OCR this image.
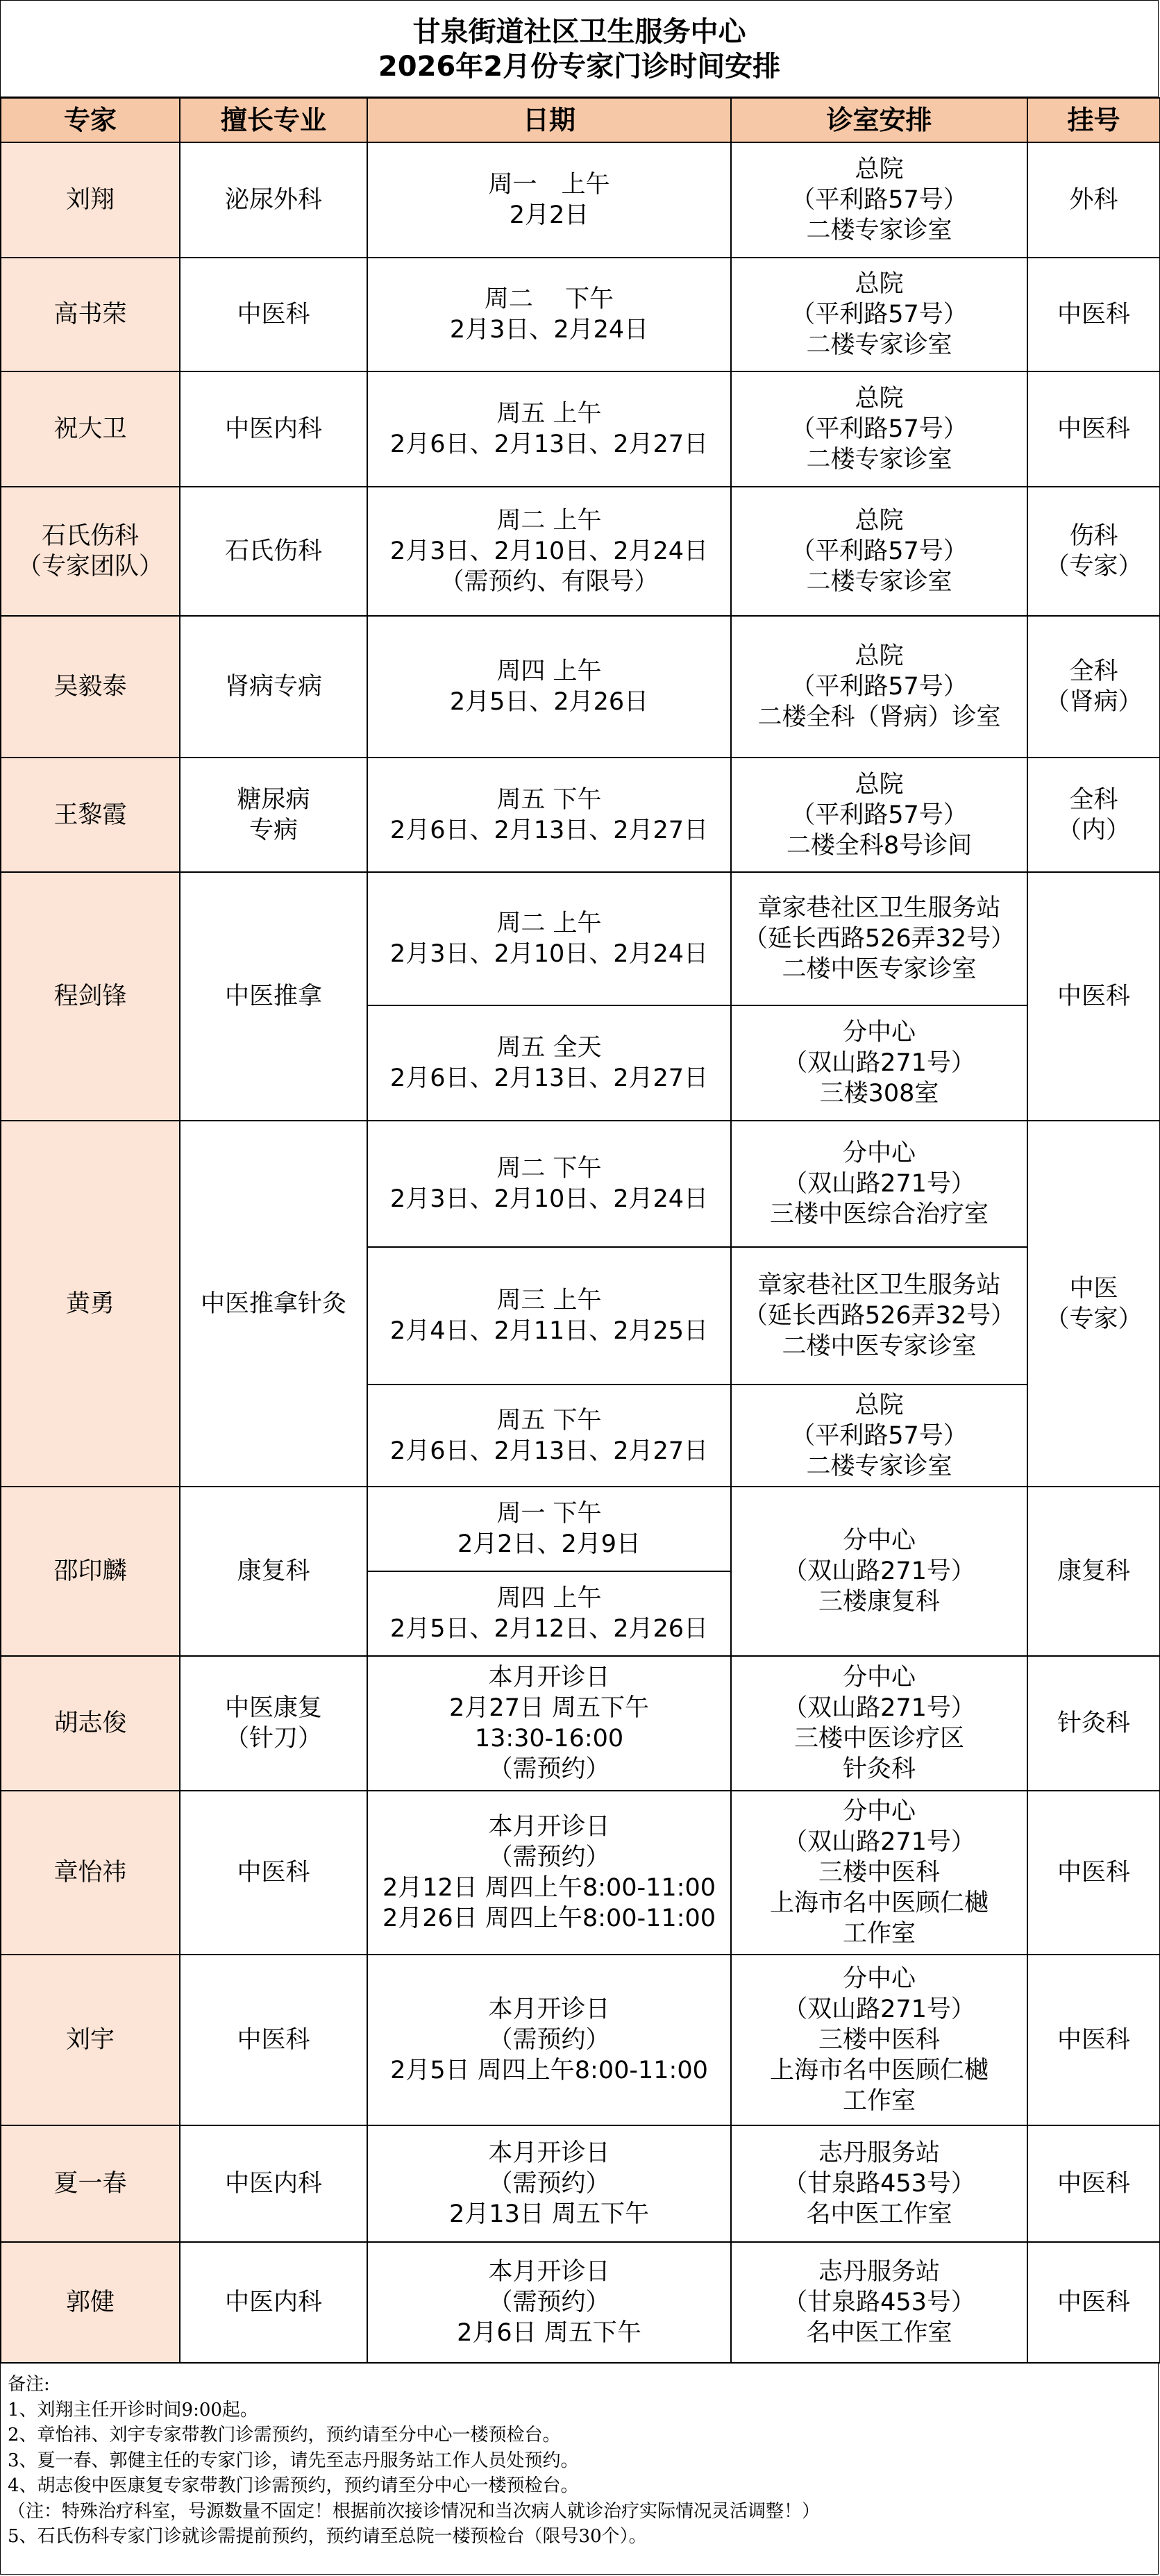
甘泉街道社区卫生服务中心
2026年2月份专家门诊时间安排
专家	擅长专业	日期	诊室安排	挂号
刘翔	泌尿外科	周一　上午
2月2日	总院
（平利路57号）
二楼专家诊室	外科
高书荣	中医科	周二　 下午
2月3日、2月24日	总院
（平利路57号）
二楼专家诊室	中医科
祝大卫	中医内科	周五 上午
2月6日、2月13日、2月27日	总院
（平利路57号）
二楼专家诊室	中医科
石氏伤科
（专家团队）	石氏伤科	周二 上午
2月3日、2月10日、2月24日
（需预约、有限号）	总院
（平利路57号）
二楼专家诊室	伤科
（专家）
吴毅泰	肾病专病	周四 上午
2月5日、2月26日	总院
（平利路57号）
二楼全科（肾病）诊室	全科
（肾病）
王黎霞	糖尿病
专病	周五 下午
2月6日、2月13日、2月27日	总院
（平利路57号）
二楼全科8号诊间	全科
（内）
程剑锋	中医推拿	周二 上午
2月3日、2月10日、2月24日	章家巷社区卫生服务站
（延长西路526弄32号）
二楼中医专家诊室	中医科
		周五 全天
2月6日、2月13日、2月27日	分中心
（双山路271号）
三楼308室	
黄勇	中医推拿针灸	周二 下午
2月3日、2月10日、2月24日	分中心
（双山路271号）
三楼中医综合治疗室	中医
（专家）
		周三 上午
2月4日、2月11日、2月25日	章家巷社区卫生服务站
（延长西路526弄32号）
二楼中医专家诊室	
		周五 下午
2月6日、2月13日、2月27日	总院
（平利路57号）
二楼专家诊室	
邵印麟	康复科	周一 下午
2月2日、2月9日	分中心
（双山路271号）
三楼康复科	康复科
		周四 上午
2月5日、2月12日、2月26日		
胡志俊	中医康复
（针刀）	本月开诊日
2月27日 周五下午
13:30-16:00
（需预约）	分中心
（双山路271号）
三楼中医诊疗区
针灸科	针灸科
章怡祎	中医科	本月开诊日
（需预约）
2月12日 周四上午8:00-11:00
2月26日 周四上午8:00-11:00	分中心
（双山路271号）
三楼中医科
上海市名中医顾仁樾
工作室	中医科
刘宇	中医科	本月开诊日
（需预约）
2月5日 周四上午8:00-11:00	分中心
（双山路271号）
三楼中医科
上海市名中医顾仁樾
工作室	中医科
夏一春	中医内科	本月开诊日
（需预约）
2月13日 周五下午	志丹服务站
（甘泉路453号）
名中医工作室	中医科
郭健	中医内科	本月开诊日
（需预约）
2月6日 周五下午	志丹服务站
（甘泉路453号）
名中医工作室	中医科
备注:
1、刘翔主任开诊时间9:00起。
2、章怡祎、刘宇专家带教门诊需预约，预约请至分中心一楼预检台。
3、夏一春、郭健主任的专家门诊，请先至志丹服务站工作人员处预约。
4、胡志俊中医康复专家带教门诊需预约，预约请至分中心一楼预检台。
（注：特殊治疗科室，号源数量不固定！根据前次接诊情况和当次病人就诊治疗实际情况灵活调整！）
5、石氏伤科专家门诊就诊需提前预约，预约请至总院一楼预检台（限号30个）。
